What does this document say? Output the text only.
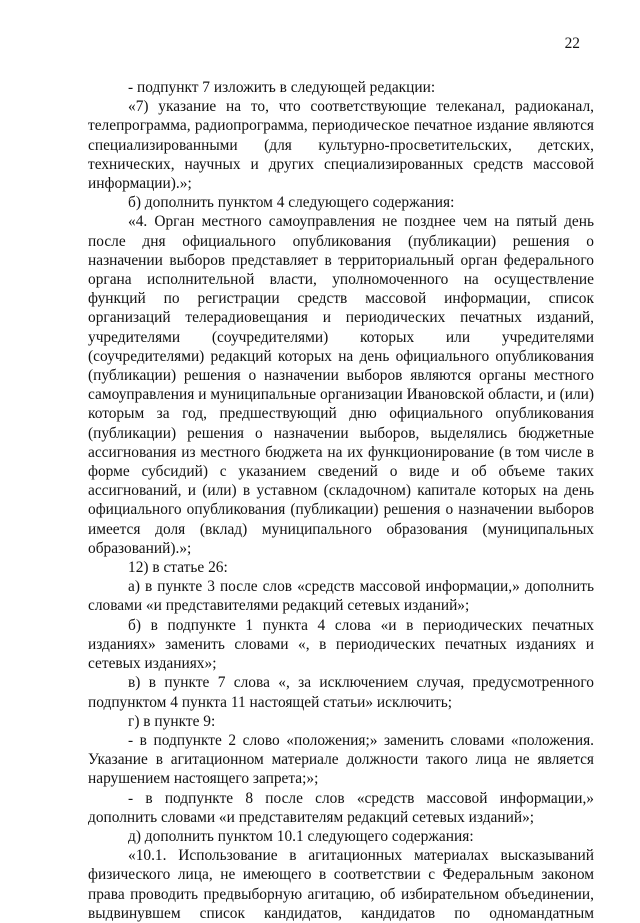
22

- подпункт 7 изложить в следующей редакции:

«7) указание на то, что соответствующие телеканал, радиоканал, телепрограмма, радиопрограмма, периодическое печатное издание являются специализированными (для культурно-просветительских, детских, технических, научных и других специализированных средств массовой информации).»;

б) дополнить пунктом 4 следующего содержания:

«4. Орган местного самоуправления не позднее чем на пятый день после дня официального опубликования (публикации) решения о назначении выборов представляет в территориальный орган федерального органа исполнительной власти, уполномоченного на осуществление функций по регистрации средств массовой информации, список организаций телерадиовещания и периодических печатных изданий, учредителями (соучредителями) которых или учредителями (соучредителями) редакций которых на день официального опубликования (публикации) решения о назначении выборов являются органы местного самоуправления и муниципальные организации Ивановской области, и (или) которым за год, предшествующий дню официального опубликования (публикации) решения о назначении выборов, выделялись бюджетные ассигнования из местного бюджета на их функционирование (в том числе в форме субсидий) с указанием сведений о виде и об объеме таких ассигнований, и (или) в уставном (складочном) капитале которых на день официального опубликования (публикации) решения о назначении выборов имеется доля (вклад) муниципального образования (муниципальных образований).»;

12) в статье 26:

а) в пункте 3 после слов «средств массовой информации,» дополнить словами «и представителями редакций сетевых изданий»;

б) в подпункте 1 пункта 4 слова «и в периодических печатных изданиях» заменить словами «, в периодических печатных изданиях и сетевых изданиях»;

в) в пункте 7 слова «, за исключением случая, предусмотренного подпунктом 4 пункта 11 настоящей статьи» исключить;

г) в пункте 9:

- в подпункте 2 слово «положения;» заменить словами «положения. Указание в агитационном материале должности такого лица не является нарушением настоящего запрета;»;

- в подпункте 8 после слов «средств массовой информации,» дополнить словами «и представителям редакций сетевых изданий»;

д) дополнить пунктом 10.1 следующего содержания:

«10.1. Использование в агитационных материалах высказываний физического лица, не имеющего в соответствии с Федеральным законом права проводить предвыборную агитацию, об избирательном объединении, выдвинувшем список кандидатов, кандидатов по одномандатным
